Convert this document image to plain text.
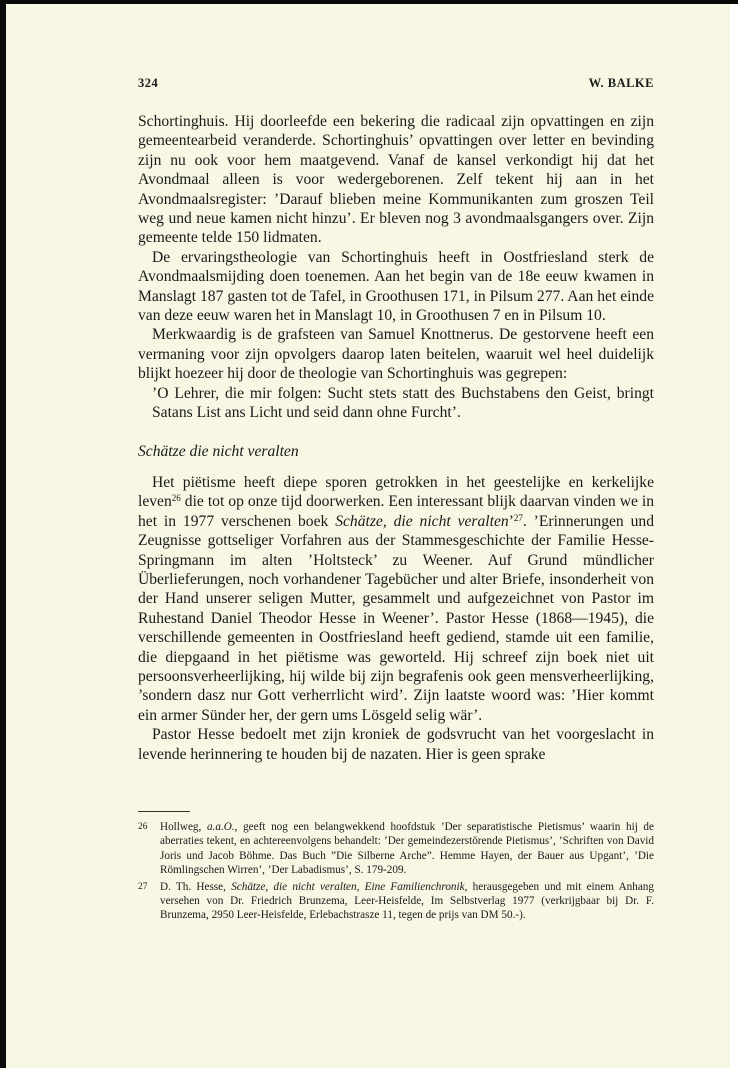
324	W. BALKE

Schortinghuis. Hij doorleefde een bekering die radicaal zijn opvattingen en zijn gemeentearbeid veranderde. Schortinghuis’ opvattingen over letter en bevinding zijn nu ook voor hem maatgevend. Vanaf de kansel verkondigt hij dat het Avondmaal alleen is voor wedergeborenen. Zelf tekent hij aan in het Avondmaalsregister: ’Darauf blieben meine Kommunikanten zum groszen Teil weg und neue kamen nicht hinzu’. Er bleven nog 3 avondmaalsgangers over. Zijn gemeente telde 150 lidmaten.

De ervaringstheologie van Schortinghuis heeft in Oostfriesland sterk de Avondmaalsmijding doen toenemen. Aan het begin van de 18e eeuw kwamen in Manslagt 187 gasten tot de Tafel, in Groothusen 171, in Pilsum 277. Aan het einde van deze eeuw waren het in Manslagt 10, in Groothusen 7 en in Pilsum 10.

Merkwaardig is de grafsteen van Samuel Knottnerus. De gestorvene heeft een vermaning voor zijn opvolgers daarop laten beitelen, waaruit wel heel duidelijk blijkt hoezeer hij door de theologie van Schortinghuis was gegrepen:

’O Lehrer, die mir folgen: Sucht stets statt des Buchstabens den Geist, bringt Satans List ans Licht und seid dann ohne Furcht’.

Schätze die nicht veralten

Het piëtisme heeft diepe sporen getrokken in het geestelijke en kerkelijke leven$^{26}$ die tot op onze tijd doorwerken. Een interessant blijk daarvan vinden we in het in 1977 verschenen boek Schätze, die nicht veralten’$^{27}$. ’Erinnerungen und Zeugnisse gottseliger Vorfahren aus der Stammesgeschichte der Familie Hesse-Springmann im alten ’Holtsteck’ zu Weener. Auf Grund mündlicher Überlieferungen, noch vorhandener Tagebücher und alter Briefe, insonderheit von der Hand unserer seligen Mutter, gesammelt und aufgezeichnet von Pastor im Ruhestand Daniel Theodor Hesse in Weener’. Pastor Hesse (1868—1945), die verschillende gemeenten in Oostfriesland heeft gediend, stamde uit een familie, die diepgaand in het piëtisme was geworteld. Hij schreef zijn boek niet uit persoonsverheerlijking, hij wilde bij zijn begrafenis ook geen mensverheerlijking, ’sondern dasz nur Gott verherrlicht wird’. Zijn laatste woord was: ’Hier kommt ein armer Sünder her, der gern ums Lösgeld selig wär’.

Pastor Hesse bedoelt met zijn kroniek de godsvrucht van het voorgeslacht in levende herinnering te houden bij de nazaten. Hier is geen sprake

26	Hollweg, a.a.O., geeft nog een belangwekkend hoofdstuk ’Der separatistische Pietismus’ waarin hij de aberraties tekent, en achtereenvolgens behandelt: ’Der gemeindezerstörende Pietismus’, ’Schriften von David Joris und Jacob Böhme. Das Buch ”Die Silberne Arche”. Hemme Hayen, der Bauer aus Upgant’, ’Die Römlingschen Wirren’, ’Der Labadismus’, S. 179-209.
27	D. Th. Hesse, Schätze, die nicht veralten, Eine Familienchronik, herausgegeben und mit einem Anhang versehen von Dr. Friedrich Brunzema, Leer-Heisfelde, Im Selbstverlag 1977 (verkrijgbaar bij Dr. F. Brunzema, 2950 Leer-Heisfelde, Erlebachstrasze 11, tegen de prijs van DM 50.-).
